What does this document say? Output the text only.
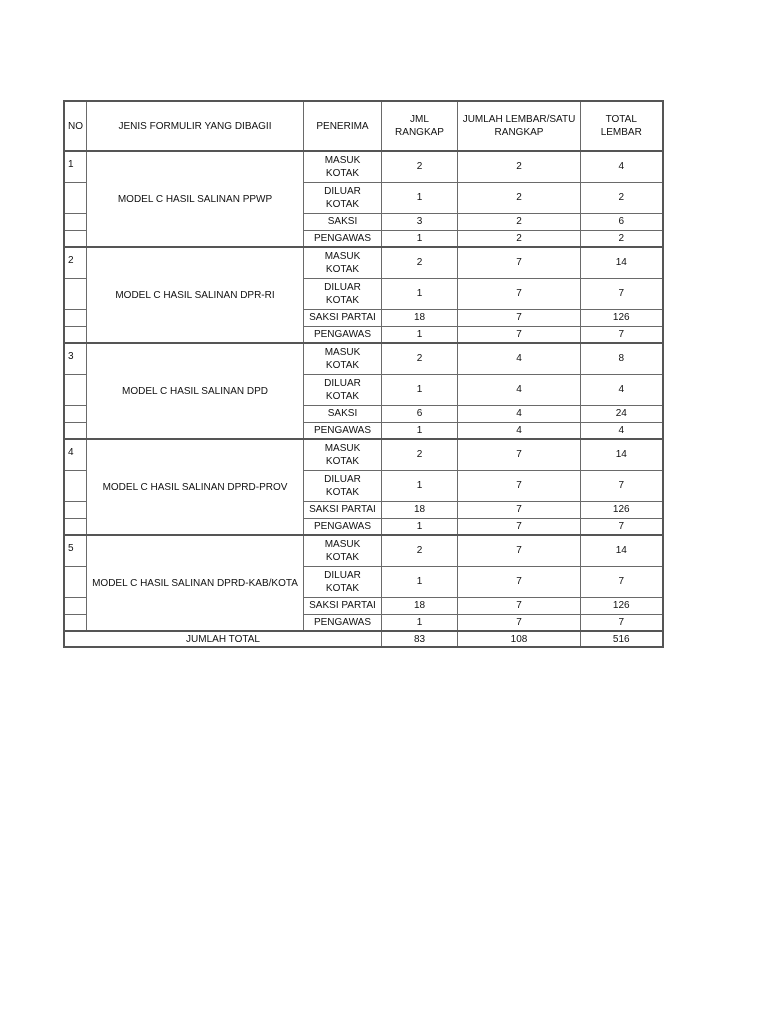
NO	JENIS FORMULIR YANG DIBAGII	PENERIMA	JML RANGKAP	JUMLAH LEMBAR/SATU RANGKAP	TOTAL LEMBAR
1	MODEL C HASIL SALINAN PPWP	MASUK KOTAK	2	2	4
		DILUAR KOTAK	1	2	2
		SAKSI	3	2	6
		PENGAWAS	1	2	2
2	MODEL C HASIL SALINAN DPR-RI	MASUK KOTAK	2	7	14
		DILUAR KOTAK	1	7	7
		SAKSI PARTAI	18	7	126
		PENGAWAS	1	7	7
3	MODEL C HASIL SALINAN DPD	MASUK KOTAK	2	4	8
		DILUAR KOTAK	1	4	4
		SAKSI	6	4	24
		PENGAWAS	1	4	4
4	MODEL C HASIL SALINAN DPRD-PROV	MASUK KOTAK	2	7	14
		DILUAR KOTAK	1	7	7
		SAKSI PARTAI	18	7	126
		PENGAWAS	1	7	7
5	MODEL C HASIL SALINAN DPRD-KAB/KOTA	MASUK KOTAK	2	7	14
		DILUAR KOTAK	1	7	7
		SAKSI PARTAI	18	7	126
		PENGAWAS	1	7	7
JUMLAH TOTAL			83	108	516
